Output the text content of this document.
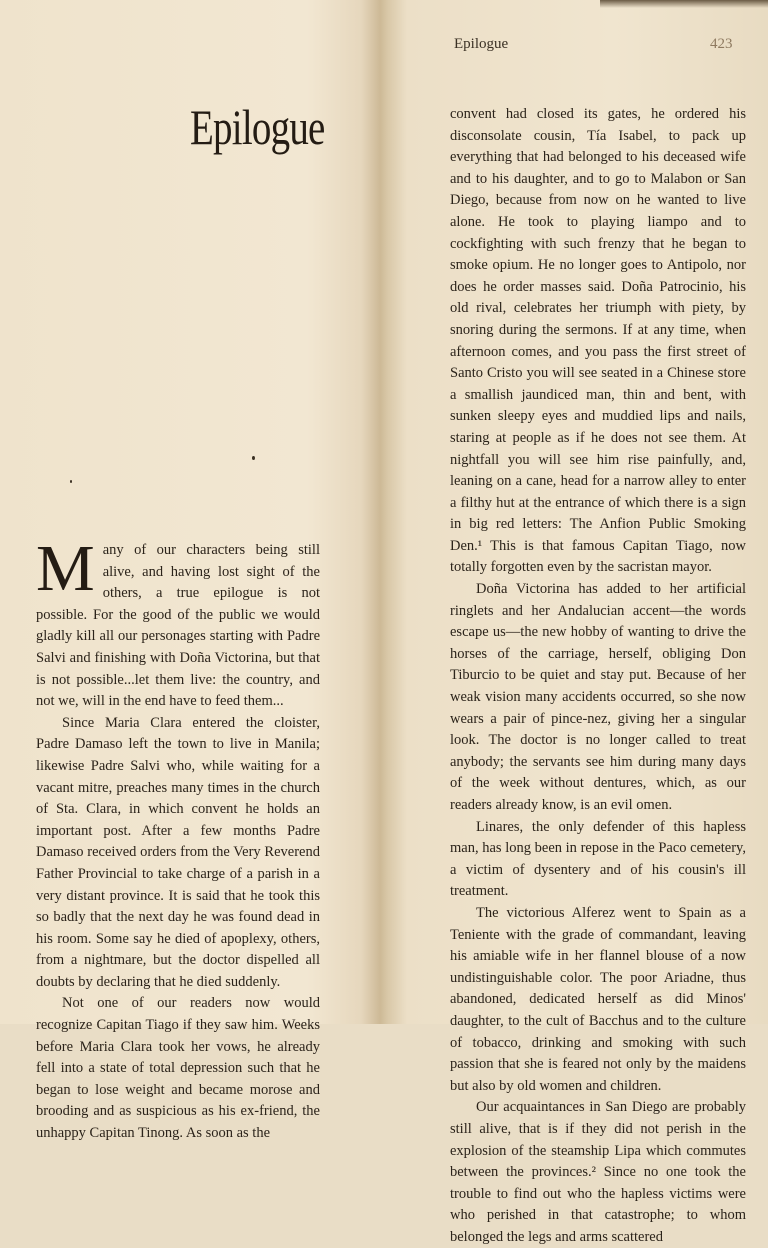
Epilogue

Many of our characters being still alive, and having lost sight of the others, a true epilogue is not possible. For the good of the public we would gladly kill all our personages starting with Padre Salvi and finishing with Doña Victorina, but that is not possible...let them live: the country, and not we, will in the end have to feed them...

Since Maria Clara entered the cloister, Padre Damaso left the town to live in Manila; likewise Padre Salvi who, while waiting for a vacant mitre, preaches many times in the church of Sta. Clara, in which convent he holds an important post. After a few months Padre Damaso received orders from the Very Reverend Father Provincial to take charge of a parish in a very distant province. It is said that he took this so badly that the next day he was found dead in his room. Some say he died of apoplexy, others, from a nightmare, but the doctor dispelled all doubts by declaring that he died suddenly.

Not one of our readers now would recognize Capitan Tiago if they saw him. Weeks before Maria Clara took her vows, he already fell into a state of total depression such that he began to lose weight and became morose and brooding and as suspicious as his ex-friend, the unhappy Capitan Tinong. As soon as the

Epilogue	423

convent had closed its gates, he ordered his disconsolate cousin, Tía Isabel, to pack up everything that had belonged to his deceased wife and to his daughter, and to go to Malabon or San Diego, because from now on he wanted to live alone. He took to playing liampo and to cockfighting with such frenzy that he began to smoke opium. He no longer goes to Antipolo, nor does he order masses said. Doña Patrocinio, his old rival, celebrates her triumph with piety, by snoring during the sermons. If at any time, when afternoon comes, and you pass the first street of Santo Cristo you will see seated in a Chinese store a smallish jaundiced man, thin and bent, with sunken sleepy eyes and muddied lips and nails, staring at people as if he does not see them. At nightfall you will see him rise painfully, and, leaning on a cane, head for a narrow alley to enter a filthy hut at the entrance of which there is a sign in big red letters: The Anfion Public Smoking Den.¹ This is that famous Capitan Tiago, now totally forgotten even by the sacristan mayor.

Doña Victorina has added to her artificial ringlets and her Andalucian accent—the words escape us—the new hobby of wanting to drive the horses of the carriage, herself, obliging Don Tiburcio to be quiet and stay put. Because of her weak vision many accidents occurred, so she now wears a pair of pince-nez, giving her a singular look. The doctor is no longer called to treat anybody; the servants see him during many days of the week without dentures, which, as our readers already know, is an evil omen.

Linares, the only defender of this hapless man, has long been in repose in the Paco cemetery, a victim of dysentery and of his cousin's ill treatment.

The victorious Alferez went to Spain as a Teniente with the grade of commandant, leaving his amiable wife in her flannel blouse of a now undistinguishable color. The poor Ariadne, thus abandoned, dedicated herself as did Minos' daughter, to the cult of Bacchus and to the culture of tobacco, drinking and smoking with such passion that she is feared not only by the maidens but also by old women and children.

Our acquaintances in San Diego are probably still alive, that is if they did not perish in the explosion of the steamship Lipa which commutes between the provinces.² Since no one took the trouble to find out who the hapless victims were who perished in that catastrophe; to whom belonged the legs and arms scattered
